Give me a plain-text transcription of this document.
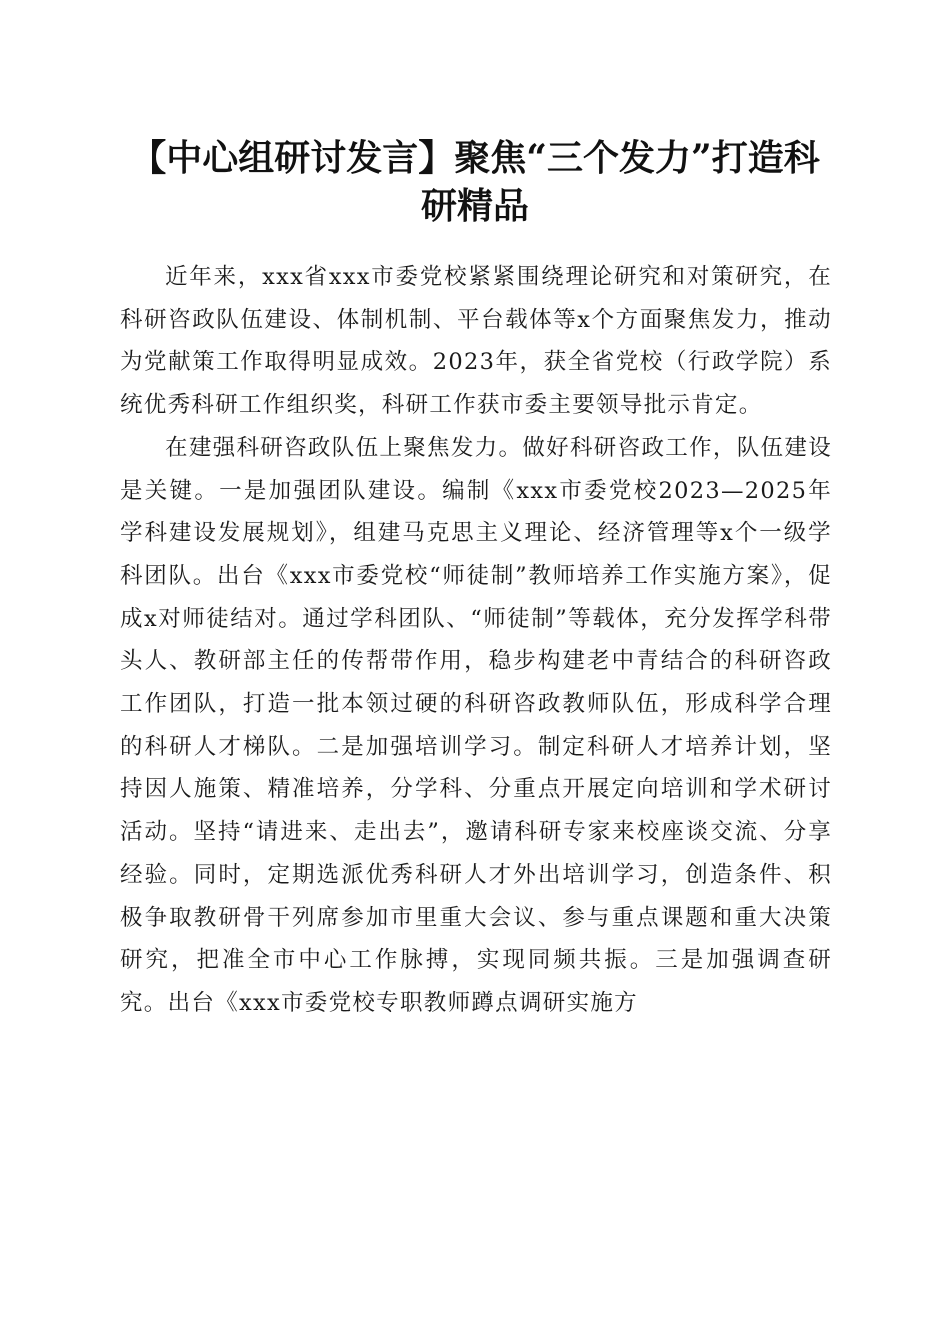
【中心组研讨发言】聚焦“三个发力”打造科
研精品

近年来，xxx省xxx市委党校紧紧围绕理论研究和对策研究，在科研咨政队伍建设、体制机制、平台载体等x个方面聚焦发力，推动为党献策工作取得明显成效。2023年，获全省党校（行政学院）系统优秀科研工作组织奖，科研工作获市委主要领导批示肯定。

在建强科研咨政队伍上聚焦发力。做好科研咨政工作，队伍建设是关键。一是加强团队建设。编制《xxx市委党校2023—2025年学科建设发展规划》，组建马克思主义理论、经济管理等x个一级学科团队。出台《xxx市委党校“师徒制”教师培养工作实施方案》，促成x对师徒结对。通过学科团队、“师徒制”等载体，充分发挥学科带头人、教研部主任的传帮带作用，稳步构建老中青结合的科研咨政工作团队，打造一批本领过硬的科研咨政教师队伍，形成科学合理的科研人才梯队。二是加强培训学习。制定科研人才培养计划，坚持因人施策、精准培养，分学科、分重点开展定向培训和学术研讨活动。坚持“请进来、走出去”，邀请科研专家来校座谈交流、分享经验。同时，定期选派优秀科研人才外出培训学习，创造条件、积极争取教研骨干列席参加市里重大会议、参与重点课题和重大决策研究，把准全市中心工作脉搏，实现同频共振。三是加强调查研究。出台《xxx市委党校专职教师蹲点调研实施方
